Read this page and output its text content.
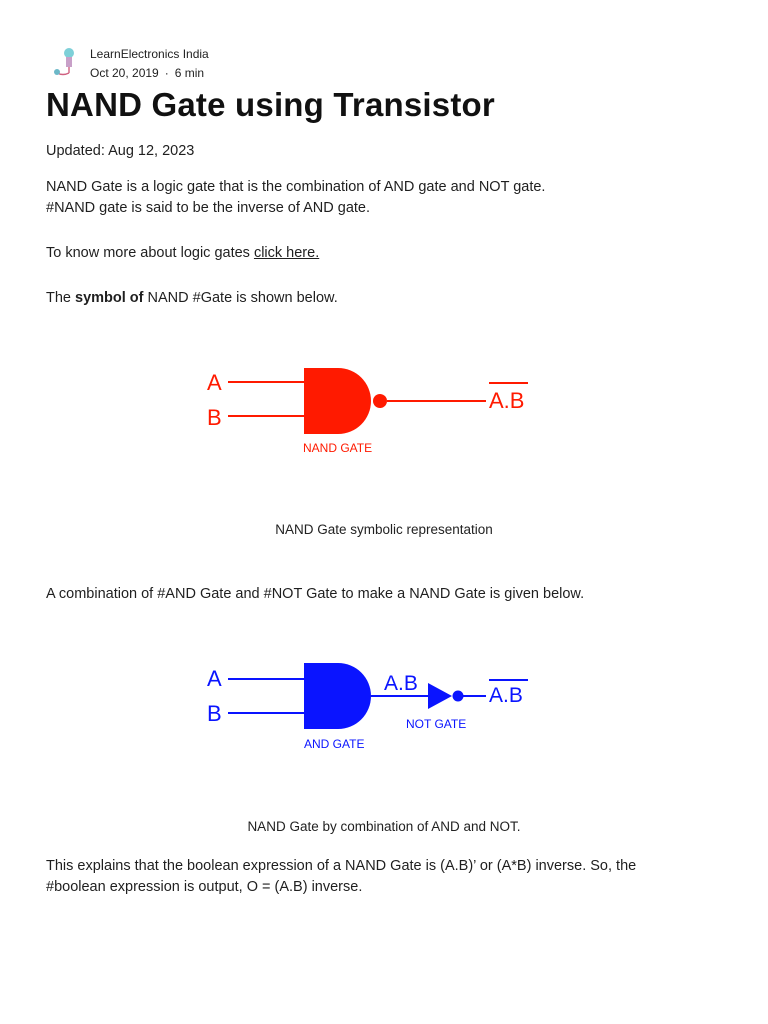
LearnElectronics India
Oct 20, 2019 · 6 min
NAND Gate using Transistor

Updated: Aug 12, 2023

NAND Gate is a logic gate that is the combination of AND gate and NOT gate.
#NAND gate is said to be the inverse of AND gate.

To know more about logic gates click here.

The symbol of NAND #Gate is shown below.

A
B
A.B
NAND GATE
NAND Gate symbolic representation

A combination of #AND Gate and #NOT Gate to make a NAND Gate is given below.

A
B
A.B
A.B
AND GATE
NOT GATE
NAND Gate by combination of AND and NOT.

This explains that the boolean expression of a NAND Gate is (A.B)’ or (A*B) inverse. So, the
#boolean expression is output, O = (A.B) inverse.
